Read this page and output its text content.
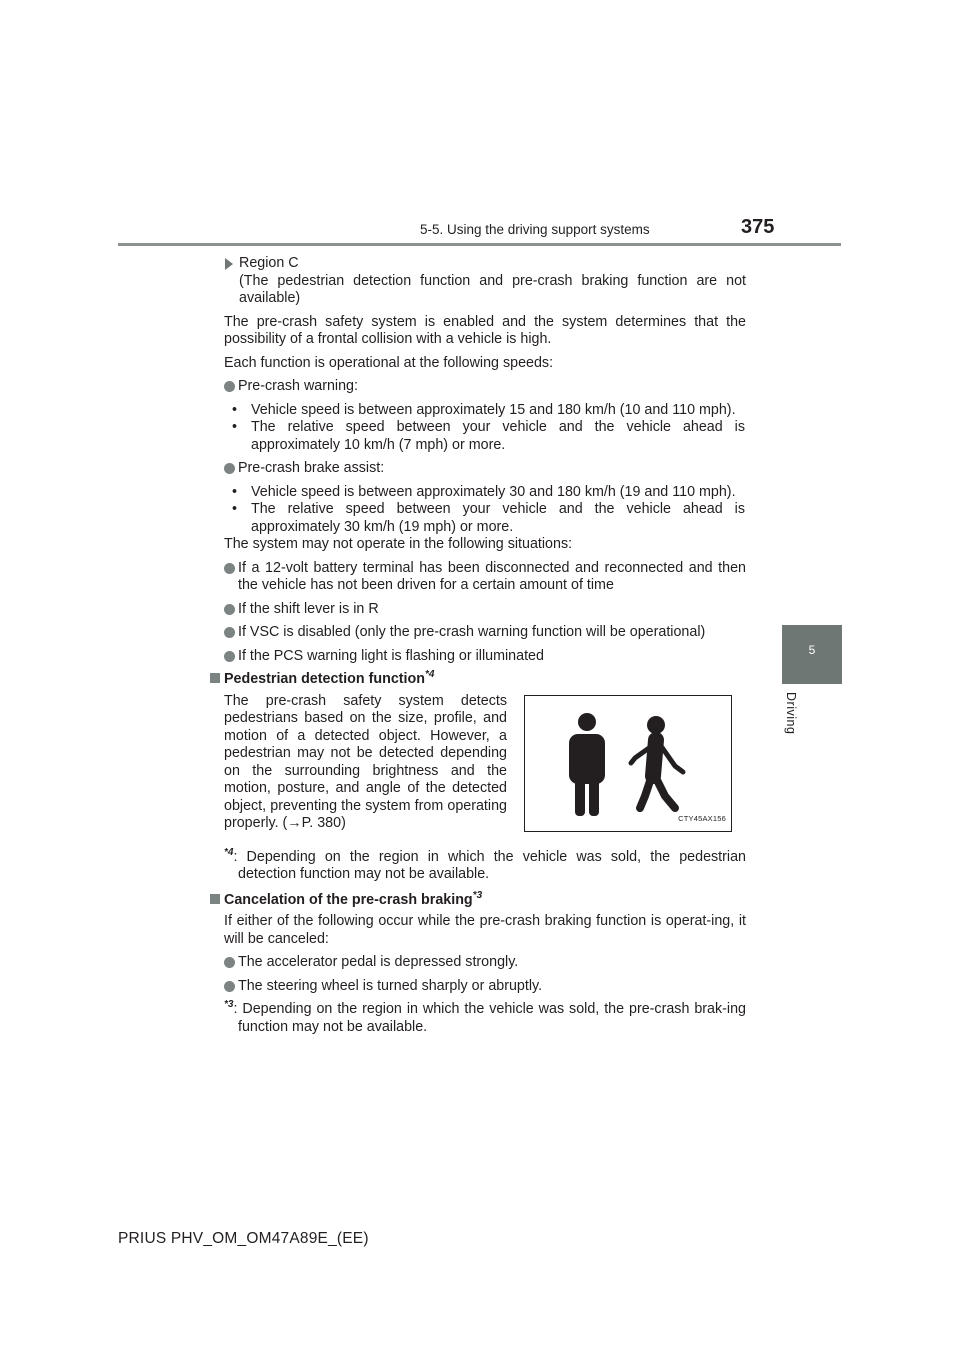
5-5. Using the driving support systems	375
5
Driving

Region C

(The pedestrian detection function and pre-crash braking function are not available)

The pre-crash safety system is enabled and the system determines that the possibility of a frontal collision with a vehicle is high.

Each function is operational at the following speeds:

Pre-crash warning:

• Vehicle speed is between approximately 15 and 180 km/h (10 and 110 mph).

• The relative speed between your vehicle and the vehicle ahead is approximately 10 km/h (7 mph) or more.

Pre-crash brake assist:

• Vehicle speed is between approximately 30 and 180 km/h (19 and 110 mph).

• The relative speed between your vehicle and the vehicle ahead is approximately 30 km/h (19 mph) or more.

The system may not operate in the following situations:

If a 12-volt battery terminal has been disconnected and reconnected and then the vehicle has not been driven for a certain amount of time

If the shift lever is in R

If VSC is disabled (only the pre-crash warning function will be operational)

If the PCS warning light is flashing or illuminated

Pedestrian detection function$^{*4}$

The pre-crash safety system detects pedestrians based on the size, profile, and motion of a detected object. However, a pedestrian may not be detected depending on the surrounding brightness and the motion, posture, and angle of the detected object, preventing the system from operating properly. (→P. 380)	CTY45AX156
$^{*4}$: Depending on the region in which the vehicle was sold, the pedestrian detection function may not be available.
Cancelation of the pre-crash braking$^{*3}$

If either of the following occur while the pre-crash braking function is operat-ing, it will be canceled:

The accelerator pedal is depressed strongly.

The steering wheel is turned sharply or abruptly.

$^{*3}$: Depending on the region in which the vehicle was sold, the pre-crash brak-ing function may not be available.
PRIUS PHV_OM_OM47A89E_(EE)
